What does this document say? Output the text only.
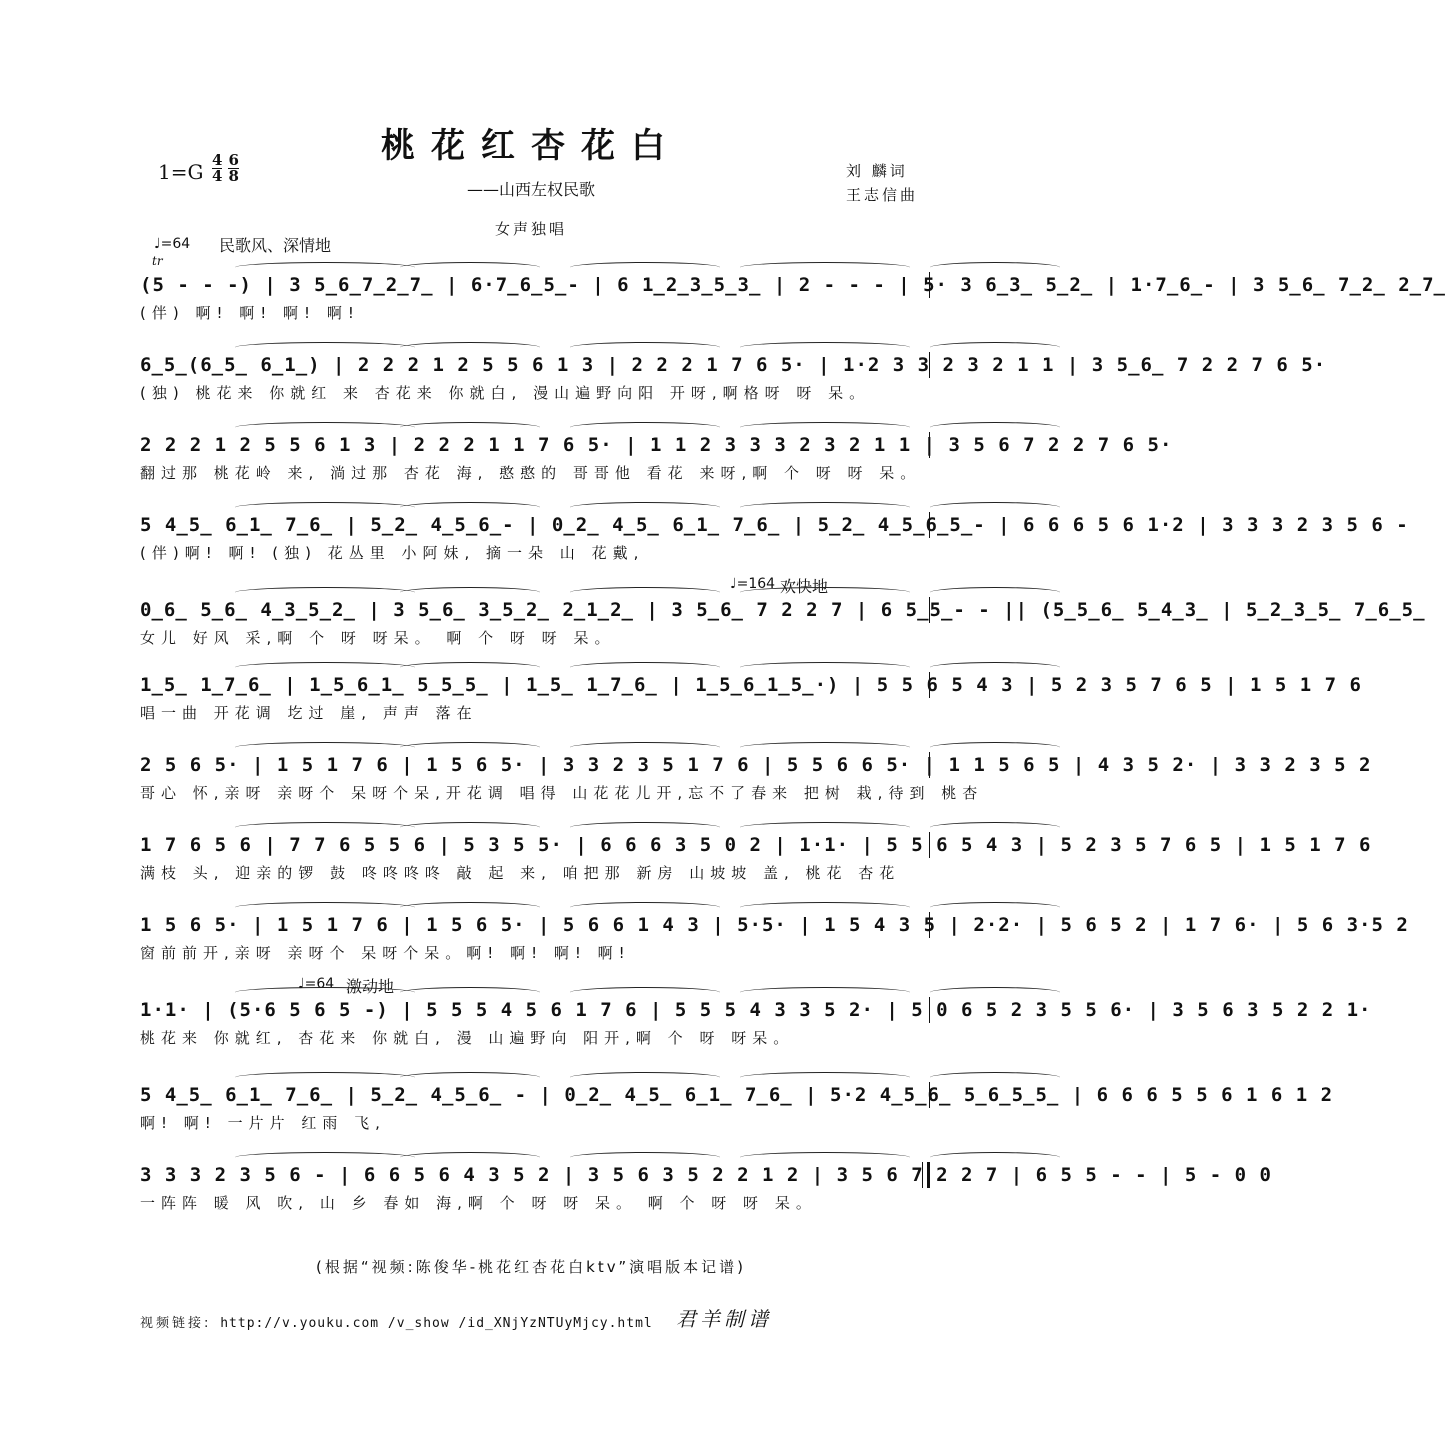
桃花红杏花白
$1=G \frac{4}{4} \frac{6}{8}$
——山西左权民歌
刘 麟词
王志信曲
女声独唱
♩=64 民歌风、深情地
tr
♩=164 欢快地
♩=64 激动地
(5 - - -) | 3 5̲6̲7̲2̲7̲ | 6·7̲6̲5̲- | 6 1̲2̲3̲5̲3̲ | 2 - - - | 5· 3 6̲3̲ 5̲2̲ | 1·7̲6̲- | 3 5̲6̲ 7̲2̲ 2̲7̲
(伴) 啊! 啊! 啊! 啊!
6̲5̲(6̲5̲ 6̲1̲) | 2 2 2 1 2 5 5 6 1 3 | 2 2 2 1 7 6 5· | 1·2 3 3 2 3 2 1 1 | 3 5̲6̲ 7 2 2 7 6 5·
(独) 桃花来 你就红 来 杏花来 你就白, 漫山遍野向阳 开呀,啊格呀 呀 呆。
2 2 2 1 2 5 5 6 1 3 | 2 2 2 1 1 7 6 5· | 1 1 2 3 3 3 2 3 2 1 1 | 3 5 6 7 2 2 7 6 5·
翻过那 桃花岭 来, 淌过那 杏花 海, 憨憨的 哥哥他 看花 来呀,啊 个 呀 呀 呆。
5 4̲5̲ 6̲1̲ 7̲6̲ | 5̲2̲ 4̲5̲6̲- | 0̲2̲ 4̲5̲ 6̲1̲ 7̲6̲ | 5̲2̲ 4̲5̲6̲5̲- | 6 6 6 5 6 1·2 | 3 3 3 2 3 5 6 -
(伴)啊! 啊! (独) 花丛里 小阿妹, 摘一朵 山 花戴,
0̲6̲ 5̲6̲ 4̲3̲5̲2̲ | 3 5̲6̲ 3̲5̲2̲ 2̲1̲2̲ | 3 5̲6̲ 7 2 2 7 | 6 5̲5̲- - || (5̲5̲6̲ 5̲4̲3̲ | 5̲2̲3̲5̲ 7̲6̲5̲
女儿 好风 采,啊 个 呀 呀呆。 啊 个 呀 呀 呆。
1̲5̲ 1̲7̲6̲ | 1̲5̲6̲1̲ 5̲5̲5̲ | 1̲5̲ 1̲7̲6̲ | 1̲5̲6̲1̲5̲·) | 5 5 6 5 4 3 | 5 2 3 5 7 6 5 | 1 5 1 7 6
唱一曲 开花调 圪过 崖, 声声 落在
2 5 6 5· | 1 5 1 7 6 | 1 5 6 5· | 3 3 2 3 5 1 7 6 | 5 5 6 6 5· | 1 1 5 6 5 | 4 3 5 2· | 3 3 2 3 5 2
哥心 怀,亲呀 亲呀个 呆呀个呆,开花调 唱得 山花花儿开,忘不了春来 把树 栽,待到 桃杏
1 7 6 5 6 | 7 7 6 5 5 6 | 5 3 5 5· | 6 6 6 3 5 0 2 | 1·1· | 5 5 6 5 4 3 | 5 2 3 5 7 6 5 | 1 5 1 7 6
满枝 头, 迎亲的锣 鼓 咚咚咚咚 敲 起 来, 咱把那 新房 山坡坡 盖, 桃花 杏花
1 5 6 5· | 1 5 1 7 6 | 1 5 6 5· | 5 6 6 1 4 3 | 5·5· | 1 5 4 3 5 | 2·2· | 5 6 5 2 | 1 7 6· | 5 6 3·5 2
窗前前开,亲呀 亲呀个 呆呀个呆。啊! 啊! 啊! 啊!
1·1· | (5·6 5 6 5 -) | 5 5 5 4 5 6 1 7 6 | 5 5 5 4 3 3 5 2· | 5 0 6 5 2 3 5 5 6· | 3 5 6 3 5 2 2 1·
桃花来 你就红, 杏花来 你就白, 漫 山遍野向 阳开,啊 个 呀 呀呆。
5 4̲5̲ 6̲1̲ 7̲6̲ | 5̲2̲ 4̲5̲6̲ - | 0̲2̲ 4̲5̲ 6̲1̲ 7̲6̲ | 5·2 4̲5̲6̲ 5̲6̲5̲5̲ | 6 6 6 5 5 6 1 6 1 2
啊! 啊! 一片片 红雨 飞,
3 3 3 2 3 5 6 - | 6 6 5 6 4 3 5 2 | 3 5 6 3 5 2 2 1 2 | 3 5 6 7 2 2 7 | 6 5 5 - - | 5 - 0 0
一阵阵 暖 风 吹, 山 乡 春如 海,啊 个 呀 呀 呆。 啊 个 呀 呀 呆。
(根据“视频:陈俊华-桃花红杏花白ktv”演唱版本记谱)
视频链接: http://v.youku.com /v_show /id_XNjYzNTUyMjcy.html 君羊制谱
